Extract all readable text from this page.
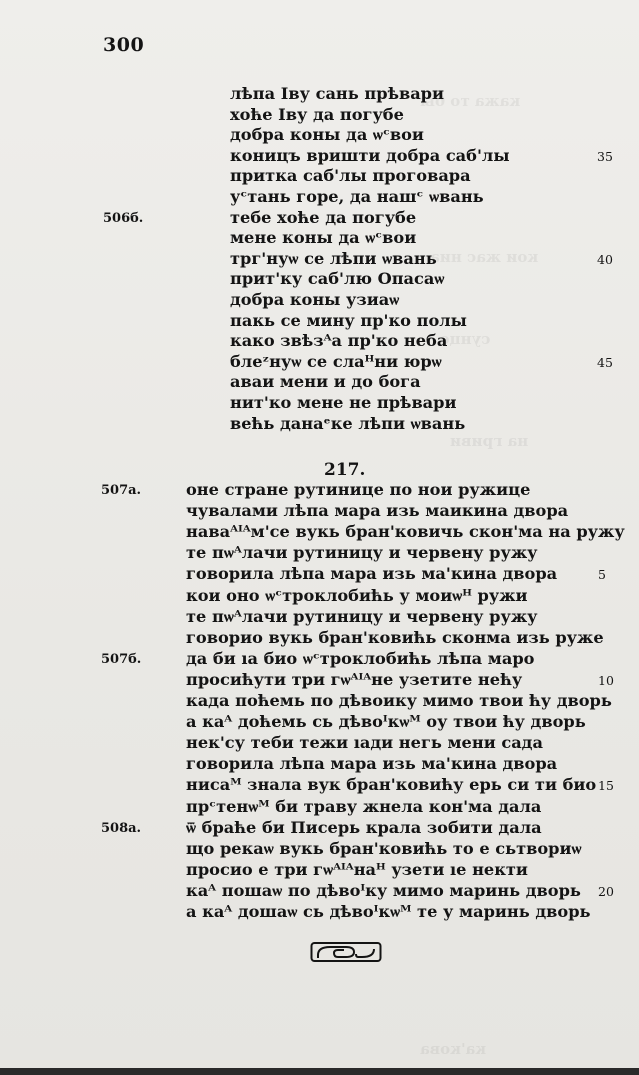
кажа то бы
кои жаc ниа
сунце
на гриви
ка'кова
300
лѣпа Іву сань прѣвари
хоће Іву да погубе
добра коны да ѡᶜвои
коницъ вришти добра саб'лы
притка саб'лы проговара
уᶜтань горе, да нашᶜ ѡвань
тебе хоће да погубе
мене коны да ѡᶜвои
трг'нуѡ се лѣпи ѡвань
прит'ку саб'лю Опасаѡ
добра коны узиаѡ
пакь се мину пр'ко полы
како звѣзᴬа пр'ко неба
блеᶻнуѡ се слаᴴни юрѡ
аваи мени и до бога
нит'ко мене не прѣвари
већь данаᵉке лѣпи ѡвань
506б.
35
40
45
217.
оне стране рутинице по нои ружице
чувалами лѣпа мара изь маикина двора
наваᴬᴵᴬм'се вукь бран'ковичь скон'ма на ружу
те пѡᴬлачи рутиницу и червену ружу
говорила лѣпа мара изь ма'кина двора
кои оно ѡᶜтроклобићь у моиѡᴴ ружи
те пѡᴬлачи рутиницу и червену ружу
говорио вукь бран'ковићь сконма изь руже
да би ıa био ѡᶜтроклобићь лѣпа маро
просићути три гѡᴬᴵᴬне узетите нећу
када поћемь по дѣвоику мимо твои ћу дворь
а каᴬ доћемь сь дѣвоᴵкѡᴹ оу твои ћу дворь
нек'су теби тежи ıади негь мени сада
говорила лѣпа мара изь ма'кина двора
нисаᴹ знала вук бран'ковићу ерь си ти био
прᶜтенѡᴹ би траву жнела кон'ма дала
ѿ браће би Писерь крала зобити дала
що рекаѡ вукь бран'ковићь то е сьтвориѡ
просио е три гѡᴬᴵᴬнаᴴ узети ıe некти
каᴬ пошаѡ по дѣвоᴵку мимо маринь дворь
а каᴬ дошаѡ сь дѣвоᴵкѡᴹ те у маринь дворь
507а.
507б.
508а.
5
10
15
20
